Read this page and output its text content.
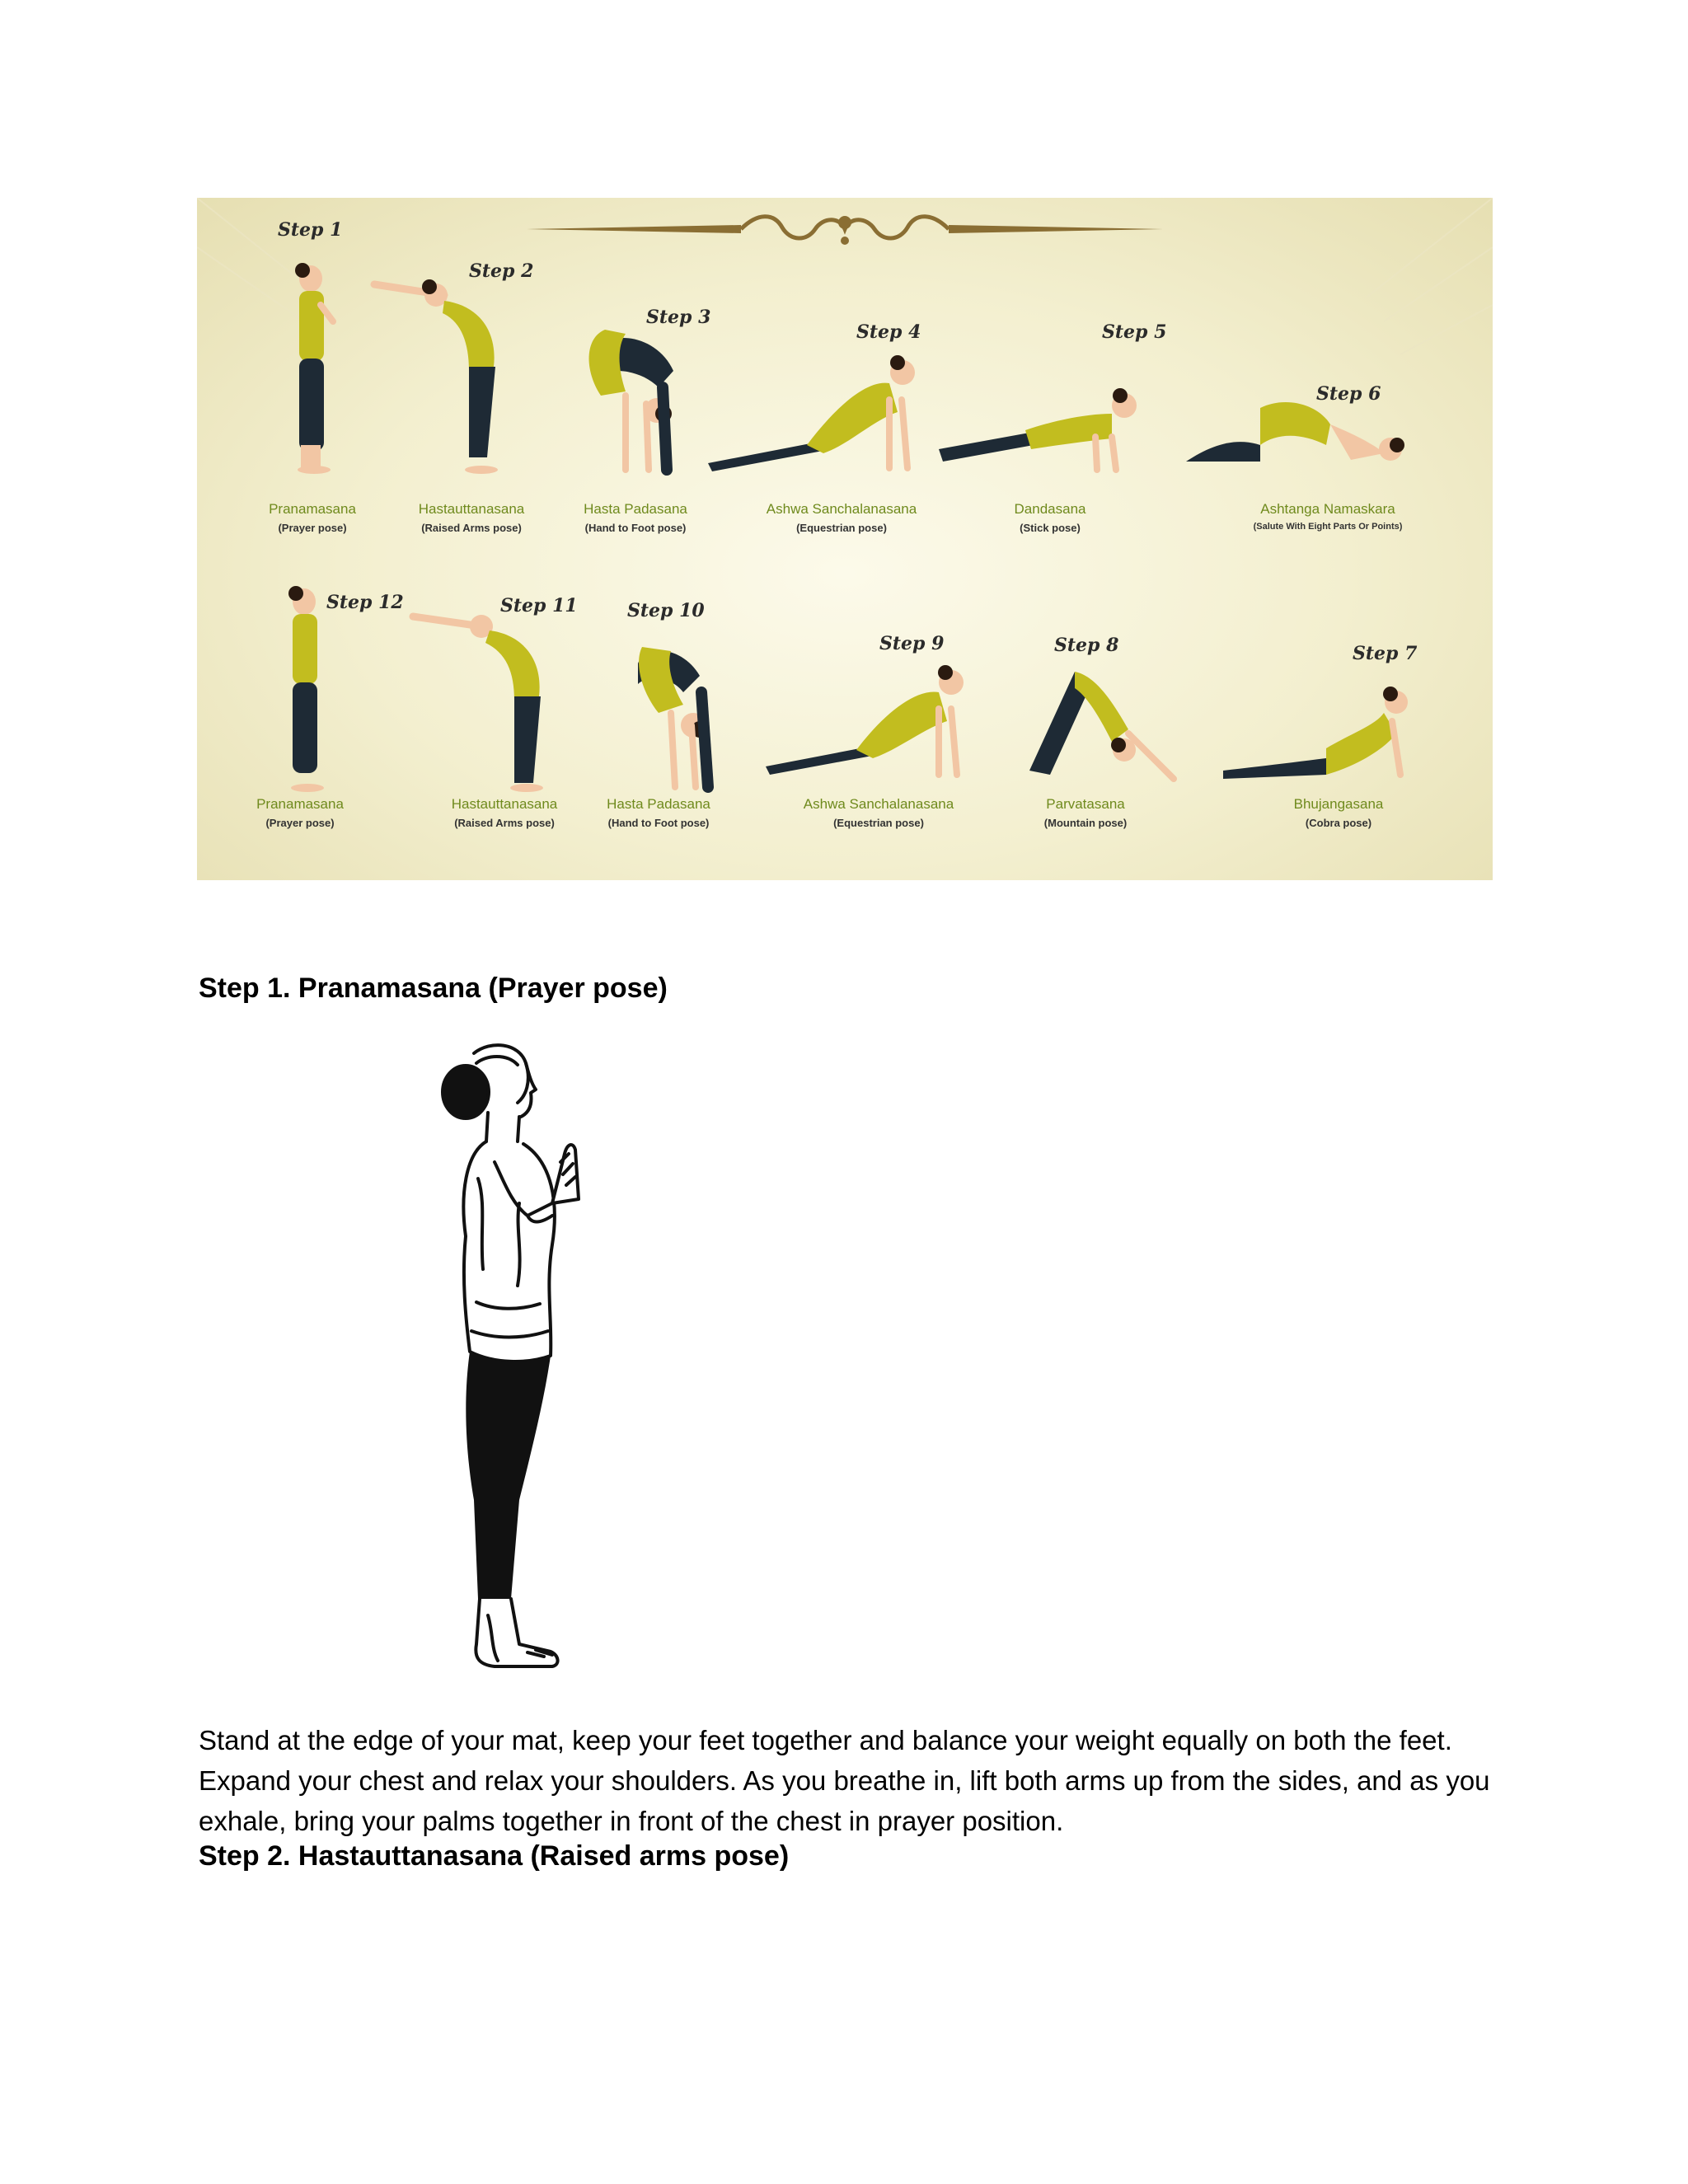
Step 1
Step 2
Step 3
Step 4	Step 5
Step 6
Pranamasana
(Prayer pose)
Hastauttanasana
(Raised Arms pose)
Hasta Padasana
(Hand to Foot pose)
Ashwa Sanchalanasana
(Equestrian pose)
Dandasana
(Stick pose)
Ashtanga Namaskara
(Salute With Eight Parts Or Points)
Step 12	Step 11	Step 10
Step 9	Step 8	Step 7
Pranamasana
(Prayer pose)
Hastauttanasana
(Raised Arms pose)
Hasta Padasana
(Hand to Foot pose)
Ashwa Sanchalanasana
(Equestrian pose)
Parvatasana
(Mountain pose)
Bhujangasana
(Cobra pose)
Step 1. Pranamasana (Prayer pose)
Stand at the edge of your mat, keep your feet together and balance your weight equally on both the feet. Expand your chest and relax your shoulders. As you breathe in, lift both arms up from the sides, and as you exhale, bring your palms together in front of the chest in prayer position.
Step 2. Hastauttanasana (Raised arms pose)
